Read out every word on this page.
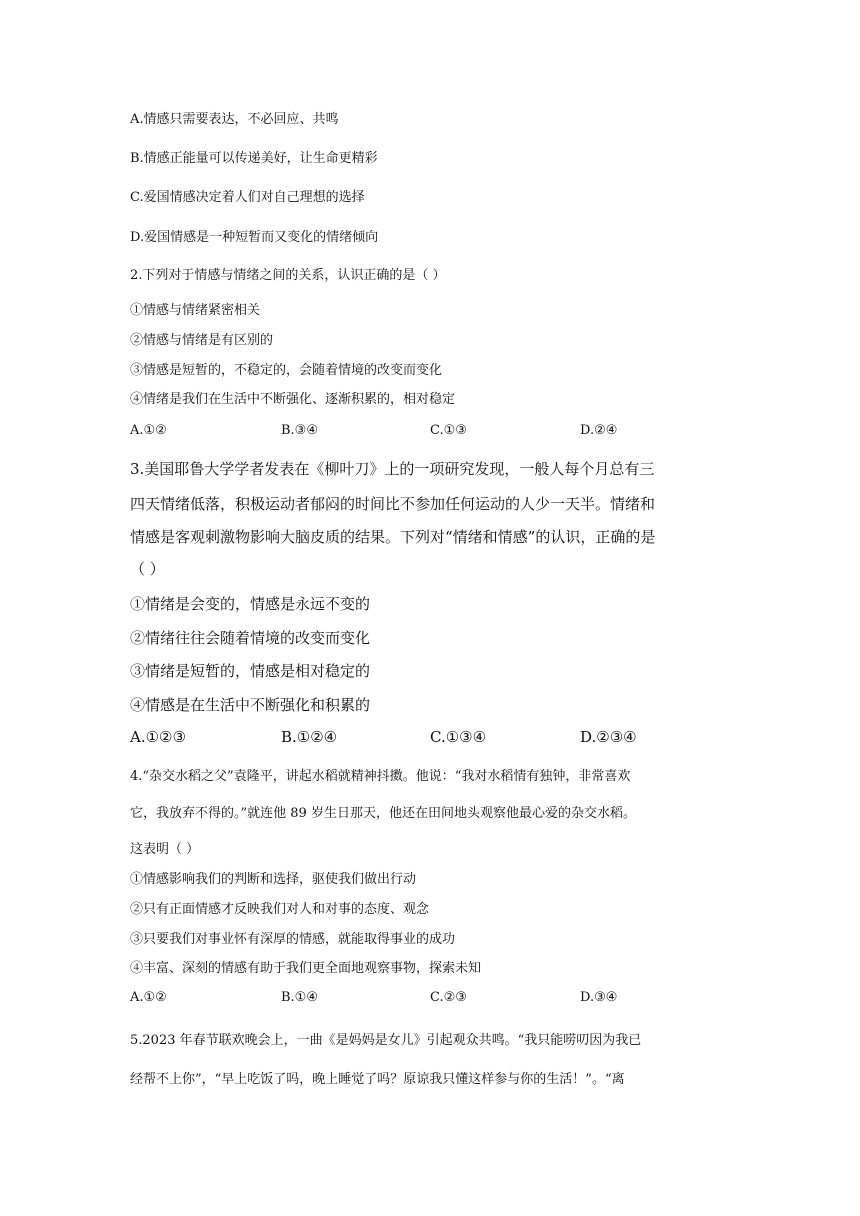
A.情感只需要表达，不必回应、共鸣
B.情感正能量可以传递美好，让生命更精彩
C.爱国情感决定着人们对自己理想的选择
D.爱国情感是一种短暂而又变化的情绪倾向
2.下列对于情感与情绪之间的关系，认识正确的是（ ）
①情感与情绪紧密相关
②情感与情绪是有区别的
③情感是短暂的，不稳定的，会随着情境的改变而变化
④情绪是我们在生活中不断强化、逐渐积累的，相对稳定
A.①②	B.③④	C.①③	D.②④
3.美国耶鲁大学学者发表在《柳叶刀》上的一项研究发现，一般人每个月总有三
四天情绪低落，积极运动者郁闷的时间比不参加任何运动的人少一天半。情绪和
情感是客观刺激物影响大脑皮质的结果。下列对“情绪和情感”的认识，正确的是
（ ）
①情绪是会变的，情感是永远不变的
②情绪往往会随着情境的改变而变化
③情绪是短暂的，情感是相对稳定的
④情感是在生活中不断强化和积累的
A.①②③	B.①②④	C.①③④	D.②③④
4.“杂交水稻之父”袁隆平，讲起水稻就精神抖擞。他说：“我对水稻情有独钟，非常喜欢
它，我放弃不得的。”就连他 89 岁生日那天，他还在田间地头观察他最心爱的杂交水稻。
这表明（ ）
①情感影响我们的判断和选择，驱使我们做出行动
②只有正面情感才反映我们对人和对事的态度、观念
③只要我们对事业怀有深厚的情感，就能取得事业的成功
④丰富、深刻的情感有助于我们更全面地观察事物，探索未知
A.①②	B.①④	C.②③	D.③④
5.2023 年春节联欢晚会上，一曲《是妈妈是女儿》引起观众共鸣。“我只能唠叨因为我已
经帮不上你”，“早上吃饭了吗，晚上睡觉了吗？原谅我只懂这样参与你的生活！”。“离
